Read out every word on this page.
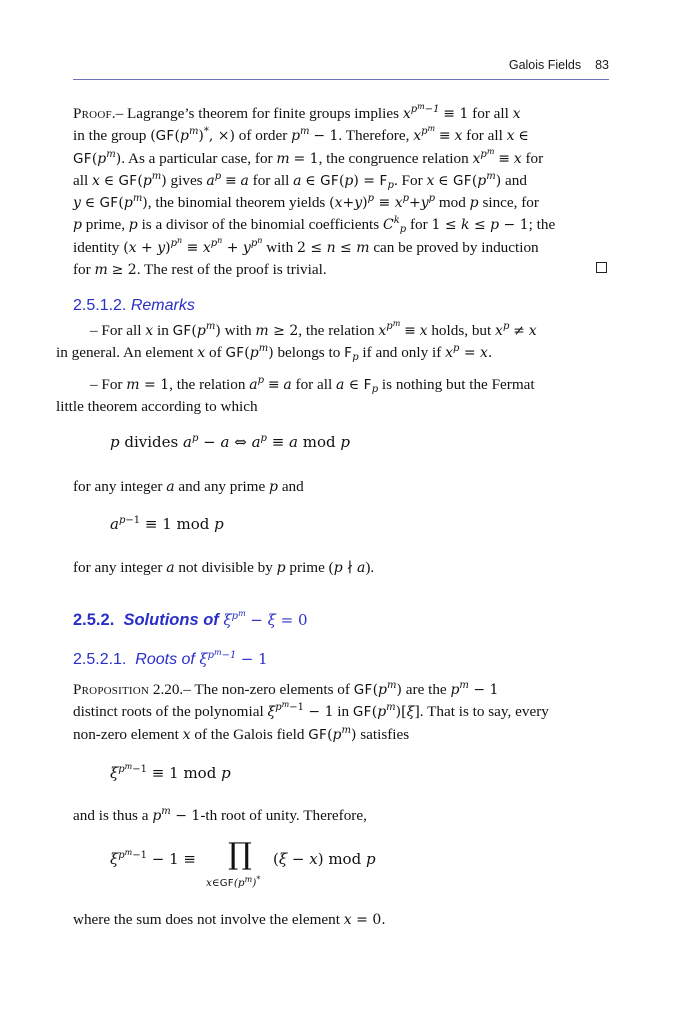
Galois Fields 83
Proof.– Lagrange’s theorem for finite groups implies $x^{p^m-1} \equiv 1$ for all x
in the group ($GF(p^m)^*$, ×) of order $p^m - 1$. Therefore, $x^{p^m} \equiv x$ for all x ∈
$GF(p^m)$. As a particular case, for m = 1, the congruence relation $x^{p^m} \equiv x$ for
all x ∈ $GF(p^m)$ gives $a^p \equiv a$ for all a ∈ $GF(p) = F_p$. For x ∈ $GF(p^m)$ and
y ∈ $GF(p^m)$, the binomial theorem yields $(x+y)^p \equiv x^p+y^p$ mod p since, for
p prime, p is a divisor of the binomial coefficients $C^k_p$ for 1 ≤ k ≤ p − 1; the
identity $(x + y)^{p^n} \equiv x^{p^n} + y^{p^n}$ with 2 ≤ n ≤ m can be proved by induction
for m ≥ 2. The rest of the proof is trivial.
2.5.1.2. Remarks
– For all x in $GF(p^m)$ with m ≥ 2, the relation $x^{p^m} \equiv x$ holds, but $x^p \ne x$
in general. An element x of $GF(p^m)$ belongs to $F_p$ if and only if $x^p = x$.
– For m = 1, the relation $a^p \equiv a$ for all a ∈ $F_p$ is nothing but the Fermat
little theorem according to which
p divides $a^p - a$ ⇔ $a^p \equiv a$ mod p
for any integer a and any prime p and
$a^{p-1} \equiv 1$ mod p
for any integer a not divisible by p prime (p ∤ a).
2.5.2. Solutions of $\xi^{p^m} - \xi = 0$
2.5.2.1. Roots of $\xi^{p^m-1} - 1$
Proposition 2.20.– The non-zero elements of $GF(p^m)$ are the $p^m - 1$
distinct roots of the polynomial $\xi^{p^m-1} - 1$ in $GF(p^m)[\xi]$. That is to say, every
non-zero element x of the Galois field $GF(p^m)$ satisfies
$\xi^{p^m-1} \equiv 1$ mod p
and is thus a $p^m - 1-th$ root of unity. Therefore,
$\xi^{p^m-1} - 1$ ≡ ∏
$x\in GF(p^m)^*$
(ξ − x) mod p
where the sum does not involve the element x = 0.
